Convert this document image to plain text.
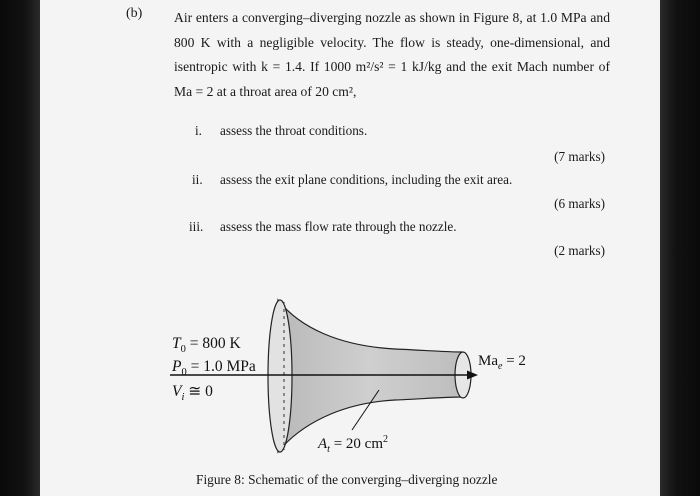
(b) Air enters a converging–diverging nozzle as shown in Figure 8, at 1.0 MPa and
800 K with a negligible velocity. The flow is steady, one-dimensional, and
isentropic with k = 1.4. If 1000 m²/s² = 1 kJ/kg and the exit Mach number of
Ma = 2 at a throat area of 20 cm²,
i. assess the throat conditions.
(7 marks)
ii. assess the exit plane conditions, including the exit area.
(6 marks)
iii. assess the mass flow rate through the nozzle.
(2 marks)
$T_0 = 800$ K
$P_0 = 1.0$ MPa
$V_i$ ≅ 0
$Ma_e = 2$
$A_t = 20$ $cm^2$
Figure 8: Schematic of the converging–diverging nozzle
